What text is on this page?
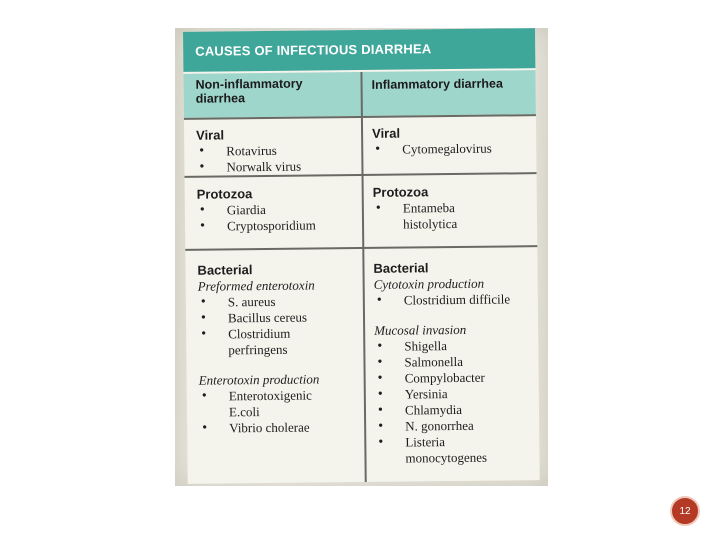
CAUSES OF INFECTIOUS DIARRHEA
Non-inflammatory diarrhea
Inflammatory diarrhea
Viral
• Rotavirus
• Norwalk virus
Viral
• Cytomegalovirus
Protozoa
• Giardia
• Cryptosporidium
Protozoa
• Entameba histolytica
Bacterial
Preformed enterotoxin
• S. aureus
• Bacillus cereus
• Clostridium perfringens
Enterotoxin production
• Enterotoxigenic E.coli
• Vibrio cholerae
Bacterial
Cytotoxin production
• Clostridium difficile
Mucosal invasion
• Shigella
• Salmonella
• Compylobacter
• Yersinia
• Chlamydia
• N. gonorrhea
• Listeria monocytogenes
12
